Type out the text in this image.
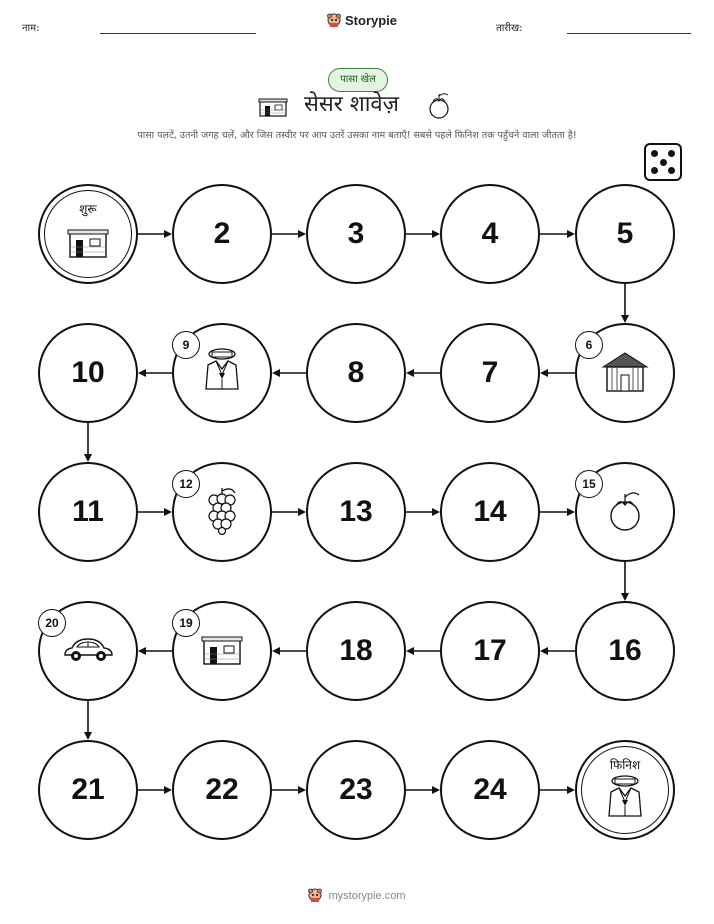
नाम:
Storypie
तारीख:
पासा खेल
सेसर शावेज़
पासा पलटें, उतनी जगह चलें, और जिस तस्वीर पर आप उतरें उसका नाम बताएँ! सबसे पहले फिनिश तक पहुँचने वाला जीतता है!
शुरू
2	3	4	5
6
7
8
9
10
11
12
13	14
15
16
17
18
19
20
21	22	23	24
फिनिश
mystorypie.com
